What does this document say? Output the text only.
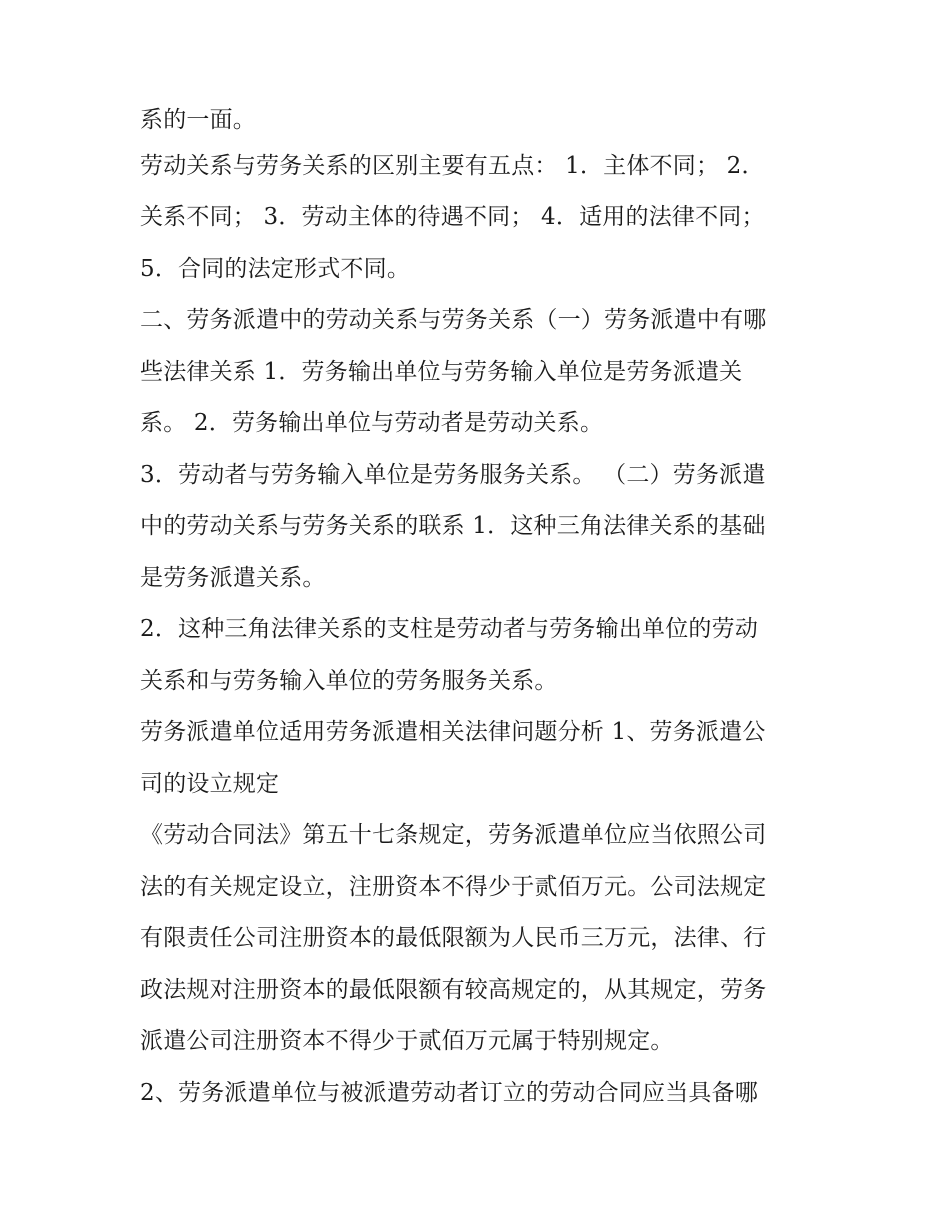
系的一面。

劳动关系与劳务关系的区别主要有五点： 1．主体不同； 2．

关系不同； 3．劳动主体的待遇不同； 4．适用的法律不同；

5．合同的法定形式不同。

二、劳务派遣中的劳动关系与劳务关系（一）劳务派遣中有哪

些法律关系 1．劳务输出单位与劳务输入单位是劳务派遣关

系。 2．劳务输出单位与劳动者是劳动关系。

3．劳动者与劳务输入单位是劳务服务关系。 （二）劳务派遣

中的劳动关系与劳务关系的联系 1．这种三角法律关系的基础

是劳务派遣关系。

2．这种三角法律关系的支柱是劳动者与劳务输出单位的劳动

关系和与劳务输入单位的劳务服务关系。

劳务派遣单位适用劳务派遣相关法律问题分析 1、劳务派遣公

司的设立规定

《劳动合同法》第五十七条规定，劳务派遣单位应当依照公司

法的有关规定设立，注册资本不得少于贰佰万元。公司法规定

有限责任公司注册资本的最低限额为人民币三万元，法律、行

政法规对注册资本的最低限额有较高规定的，从其规定，劳务

派遣公司注册资本不得少于贰佰万元属于特别规定。

2、劳务派遣单位与被派遣劳动者订立的劳动合同应当具备哪
